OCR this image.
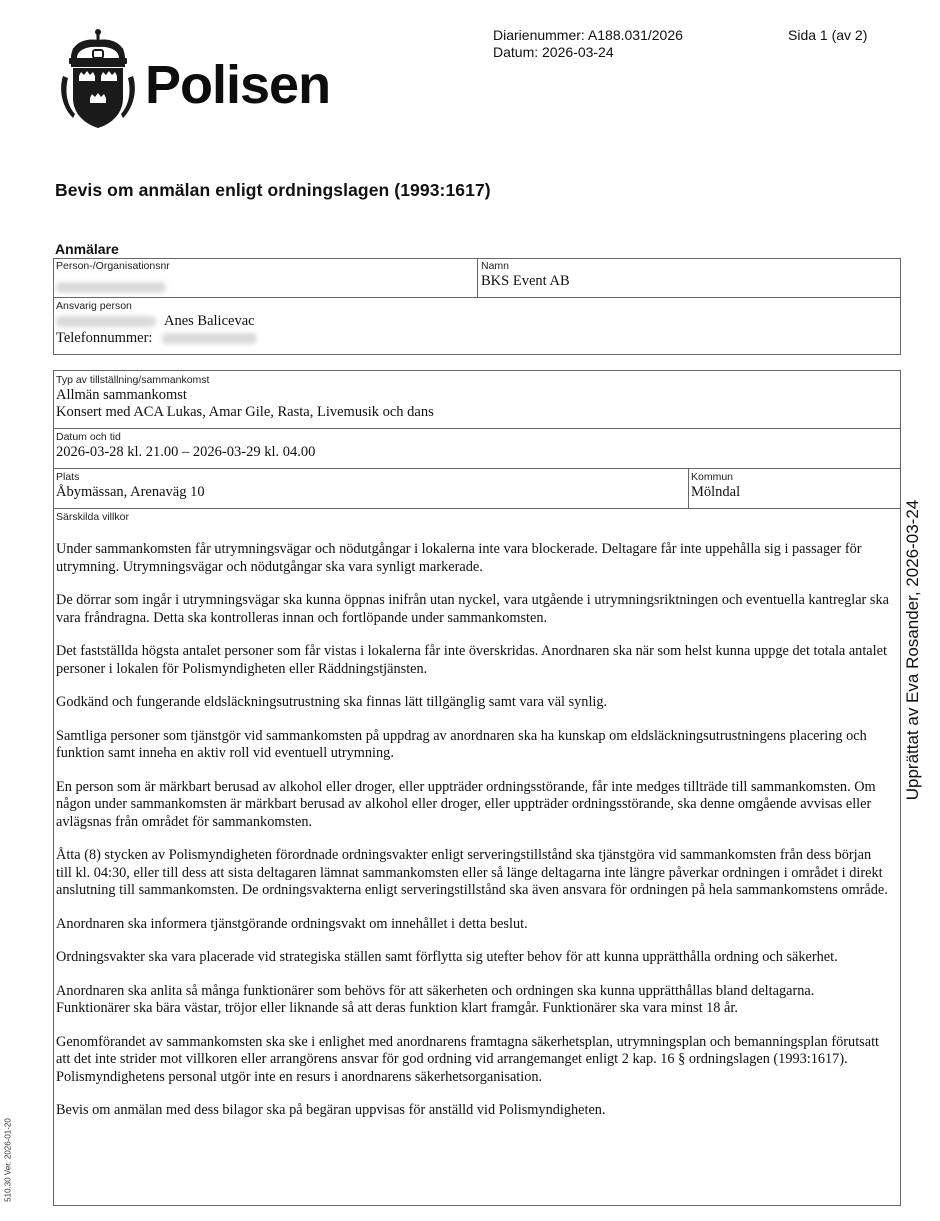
Polisen
Diarienummer: A188.031/2026
Datum: 2026-03-24
Sida 1 (av 2)
Bevis om anmälan enligt ordningslagen (1993:1617)
Anmälare
Person-/Organisationsnr	Namn
BKS Event AB
Ansvarig person
Anes Balicevac
Telefonnummer:
Typ av tillställning/sammankomst
Allmän sammankomst
Konsert med ACA Lukas, Amar Gile, Rasta, Livemusik och dans
Datum och tid
2026-03-28 kl. 21.00 – 2026-03-29 kl. 04.00
Plats
Åbymässan, Arenaväg 10
Kommun
Mölndal
Särskilda villkor

Under sammankomsten får utrymningsvägar och nödutgångar i lokalerna inte vara blockerade. Deltagare får inte uppehålla sig i passager för utrymning. Utrymningsvägar och nödutgångar ska vara synligt markerade.

De dörrar som ingår i utrymningsvägar ska kunna öppnas inifrån utan nyckel, vara utgående i utrymningsriktningen och eventuella kantreglar ska vara fråndragna. Detta ska kontrolleras innan och fortlöpande under sammankomsten.

Det fastställda högsta antalet personer som får vistas i lokalerna får inte överskridas. Anordnaren ska när som helst kunna uppge det totala antalet personer i lokalen för Polismyndigheten eller Räddningstjänsten.

Godkänd och fungerande eldsläckningsutrustning ska finnas lätt tillgänglig samt vara väl synlig.

Samtliga personer som tjänstgör vid sammankomsten på uppdrag av anordnaren ska ha kunskap om eldsläckningsutrustningens placering och funktion samt inneha en aktiv roll vid eventuell utrymning.

En person som är märkbart berusad av alkohol eller droger, eller uppträder ordningsstörande, får inte medges tillträde till sammankomsten. Om någon under sammankomsten är märkbart berusad av alkohol eller droger, eller uppträder ordningsstörande, ska denne omgående avvisas eller avlägsnas från området för sammankomsten.

Åtta (8) stycken av Polismyndigheten förordnade ordningsvakter enligt serveringstillstånd ska tjänstgöra vid sammankomsten från dess början till kl. 04:30, eller till dess att sista deltagaren lämnat sammankomsten eller så länge deltagarna inte längre påverkar ordningen i området i direkt anslutning till sammankomsten. De ordningsvakterna enligt serveringstillstånd ska även ansvara för ordningen på hela sammankomstens område.

Anordnaren ska informera tjänstgörande ordningsvakt om innehållet i detta beslut.

Ordningsvakter ska vara placerade vid strategiska ställen samt förflytta sig utefter behov för att kunna upprätthålla ordning och säkerhet.

Anordnaren ska anlita så många funktionärer som behövs för att säkerheten och ordningen ska kunna upprätthållas bland deltagarna. Funktionärer ska bära västar, tröjor eller liknande så att deras funktion klart framgår. Funktionärer ska vara minst 18 år.

Genomförandet av sammankomsten ska ske i enlighet med anordnarens framtagna säkerhetsplan, utrymningsplan och bemanningsplan förutsatt att det inte strider mot villkoren eller arrangörens ansvar för god ordning vid arrangemanget enligt 2 kap. 16 § ordningslagen (1993:1617). Polismyndighetens personal utgör inte en resurs i anordnarens säkerhetsorganisation.

Bevis om anmälan med dess bilagor ska på begäran uppvisas för anställd vid Polismyndigheten.

Upprättat av Eva Rosander, 2026-03-24
510.30 Ver. 2026-01-20
